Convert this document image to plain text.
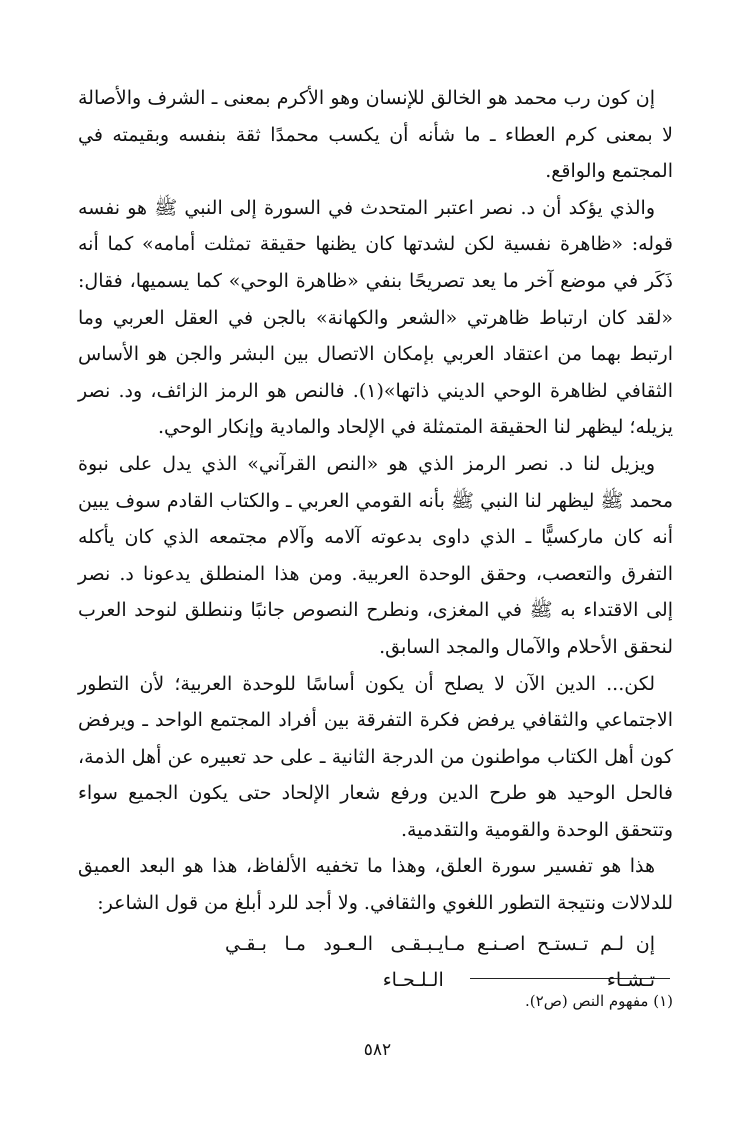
إن كون رب محمد هو الخالق للإنسان وهو الأكرم بمعنى ـ الشرف والأصالة لا بمعنى كرم العطاء ـ ما شأنه أن يكسب محمدًا ثقة بنفسه وبقيمته في المجتمع والواقع.

والذي يؤكد أن د. نصر اعتبر المتحدث في السورة إلى النبي ﷺ هو نفسه قوله: «ظاهرة نفسية لكن لشدتها كان يظنها حقيقة تمثلت أمامه» كما أنه ذَكَر في موضع آخر ما يعد تصريحًا بنفي «ظاهرة الوحي» كما يسميها، فقال: «لقد كان ارتباط ظاهرتي «الشعر والكهانة» بالجن في العقل العربي وما ارتبط بهما من اعتقاد العربي بإمكان الاتصال بين البشر والجن هو الأساس الثقافي لظاهرة الوحي الديني ذاتها»(١). فالنص هو الرمز الزائف، ود. نصر يزيله؛ ليظهر لنا الحقيقة المتمثلة في الإلحاد والمادية وإنكار الوحي.

ويزيل لنا د. نصر الرمز الذي هو «النص القرآني» الذي يدل على نبوة محمد ﷺ ليظهر لنا النبي ﷺ بأنه القومي العربي ـ والكتاب القادم سوف يبين أنه كان ماركسيًّا ـ الذي داوى بدعوته آلامه وآلام مجتمعه الذي كان يأكله التفرق والتعصب، وحقق الوحدة العربية. ومن هذا المنطلق يدعونا د. نصر إلى الاقتداء به ﷺ في المغزى، ونطرح النصوص جانبًا وننطلق لنوحد العرب لنحقق الأحلام والآمال والمجد السابق.

لكن... الدين الآن لا يصلح أن يكون أساسًا للوحدة العربية؛ لأن التطور الاجتماعي والثقافي يرفض فكرة التفرقة بين أفراد المجتمع الواحد ـ ويرفض كون أهل الكتاب مواطنون من الدرجة الثانية ـ على حد تعبيره عن أهل الذمة، فالحل الوحيد هو طرح الدين ورفع شعار الإلحاد حتى يكون الجميع سواء وتتحقق الوحدة والقومية والتقدمية.

هذا هو تفسير سورة العلق، وهذا ما تخفيه الألفاظ، هذا هو البعد العميق للدلالات ونتيجة التطور اللغوي والثقافي. ولا أجد للرد أبلغ من قول الشاعر:

إن لـم تـستـح اصـنـع مـا تـشـاء
يـبـقـى الـعـود مـا بـقـي الـلـحـاء
(١) مفهوم النص (ص٢).
٥٨٢
